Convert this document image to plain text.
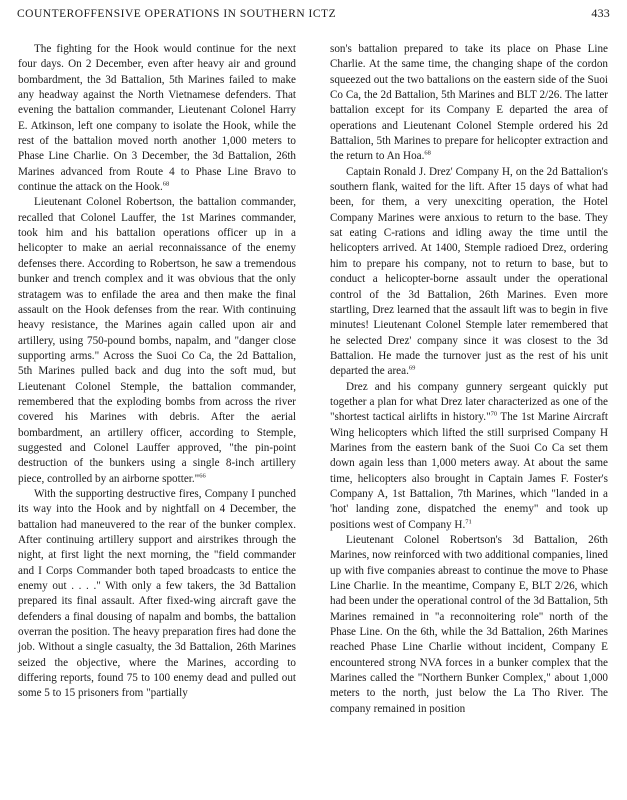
COUNTEROFFENSIVE OPERATIONS IN SOUTHERN ICTZ	433

The fighting for the Hook would continue for the next four days. On 2 December, even after heavy air and ground bombardment, the 3d Battalion, 5th Marines failed to make any headway against the North Vietnamese defenders. That evening the battalion commander, Lieutenant Colonel Harry E. Atkinson, left one company to isolate the Hook, while the rest of the battalion moved north another 1,000 meters to Phase Line Charlie. On 3 December, the 3d Battalion, 26th Marines advanced from Route 4 to Phase Line Bravo to continue the attack on the Hook.$^{68}$

Lieutenant Colonel Robertson, the battalion commander, recalled that Colonel Lauffer, the 1st Marines commander, took him and his battalion operations officer up in a helicopter to make an aerial reconnaissance of the enemy defenses there. According to Robertson, he saw a tremendous bunker and trench complex and it was obvious that the only stratagem was to enfilade the area and then make the final assault on the Hook defenses from the rear. With continuing heavy resistance, the Marines again called upon air and artillery, using 750-pound bombs, napalm, and "danger close supporting arms." Across the Suoi Co Ca, the 2d Battalion, 5th Marines pulled back and dug into the soft mud, but Lieutenant Colonel Stemple, the battalion commander, remembered that the exploding bombs from across the river covered his Marines with debris. After the aerial bombardment, an artillery officer, according to Stemple, suggested and Colonel Lauffer approved, "the pin-point destruction of the bunkers using a single 8-inch artillery piece, controlled by an airborne spotter."$^{66}$

With the supporting destructive fires, Company I punched its way into the Hook and by nightfall on 4 December, the battalion had maneuvered to the rear of the bunker complex. After continuing artillery support and airstrikes through the night, at first light the next morning, the "field commander and I Corps Commander both taped broadcasts to entice the enemy out . . . ." With only a few takers, the 3d Battalion prepared its final assault. After fixed-wing aircraft gave the defenders a final dousing of napalm and bombs, the battalion overran the position. The heavy preparation fires had done the job. Without a single casualty, the 3d Battalion, 26th Marines seized the objective, where the Marines, according to differing reports, found 75 to 100 enemy dead and pulled out some 5 to 15 prisoners from "partially

son's battalion prepared to take its place on Phase Line Charlie. At the same time, the changing shape of the cordon squeezed out the two battalions on the eastern side of the Suoi Co Ca, the 2d Battalion, 5th Marines and BLT 2/26. The latter battalion except for its Company E departed the area of operations and Lieutenant Colonel Stemple ordered his 2d Battalion, 5th Marines to prepare for helicopter extraction and the return to An Hoa.$^{68}$

Captain Ronald J. Drez' Company H, on the 2d Battalion's southern flank, waited for the lift. After 15 days of what had been, for them, a very unexciting operation, the Hotel Company Marines were anxious to return to the base. They sat eating C-rations and idling away the time until the helicopters arrived. At 1400, Stemple radioed Drez, ordering him to prepare his company, not to return to base, but to conduct a helicopter-borne assault under the operational control of the 3d Battalion, 26th Marines. Even more startling, Drez learned that the assault lift was to begin in five minutes! Lieutenant Colonel Stemple later remembered that he selected Drez' company since it was closest to the 3d Battalion. He made the turnover just as the rest of his unit departed the area.$^{69}$

Drez and his company gunnery sergeant quickly put together a plan for what Drez later characterized as one of the "shortest tactical airlifts in history."$^{70}$ The 1st Marine Aircraft Wing helicopters which lifted the still surprised Company H Marines from the eastern bank of the Suoi Co Ca set them down again less than 1,000 meters away. At about the same time, helicopters also brought in Captain James F. Foster's Company A, 1st Battalion, 7th Marines, which "landed in a 'hot' landing zone, dispatched the enemy" and took up positions west of Company H.$^{71}$

Lieutenant Colonel Robertson's 3d Battalion, 26th Marines, now reinforced with two additional companies, lined up with five companies abreast to continue the move to Phase Line Charlie. In the meantime, Company E, BLT 2/26, which had been under the operational control of the 3d Battalion, 5th Marines remained in "a reconnoitering role" north of the Phase Line. On the 6th, while the 3d Battalion, 26th Marines reached Phase Line Charlie without incident, Company E encountered strong NVA forces in a bunker complex that the Marines called the "Northern Bunker Complex," about 1,000 meters to the north, just below the La Tho River. The company remained in position
